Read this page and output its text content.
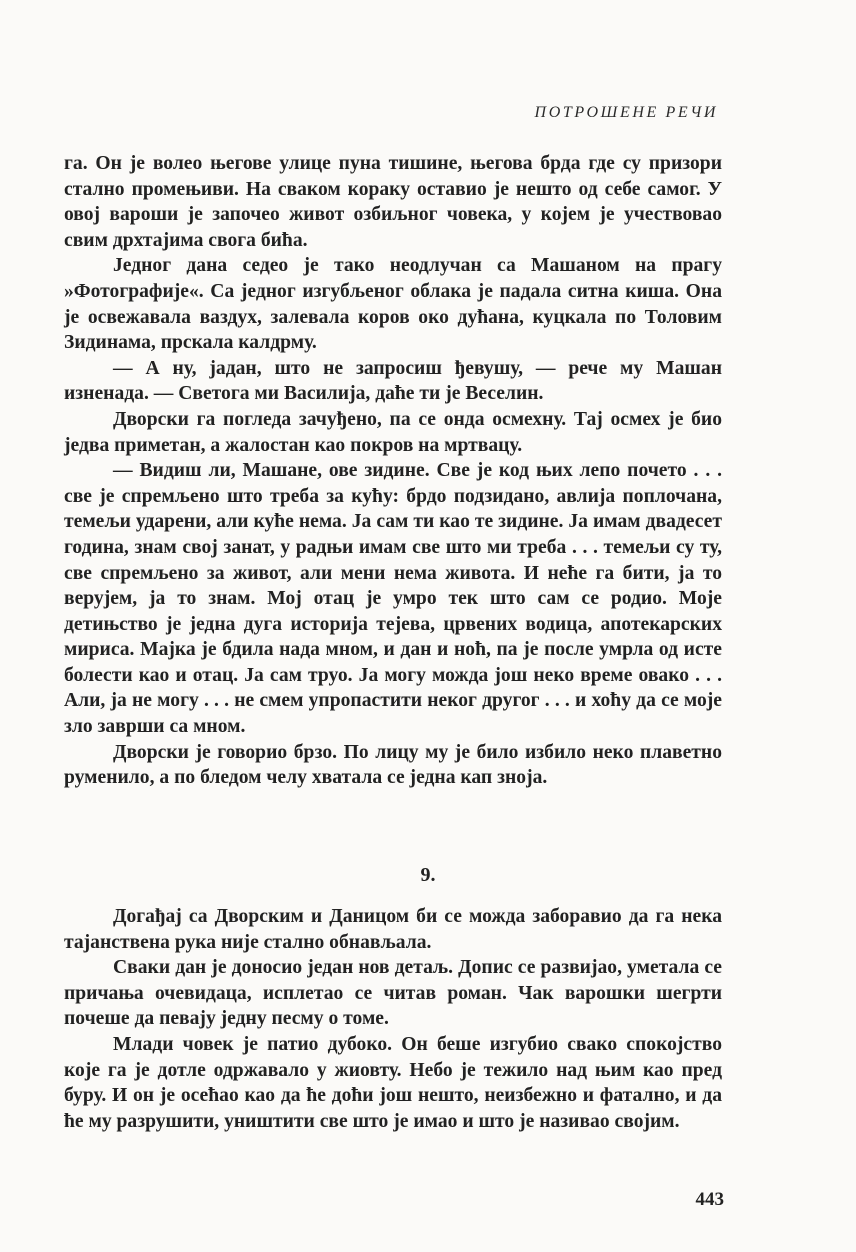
ПОТРОШЕНЕ РЕЧИ

га. Он је волео његове улице пуна тишине, његова брда где су призори стално промењиви. На сваком кораку оставио је нешто од себе самог. У овој вароши је започео живот озбиљног човека, у којем је учествовао свим дрхтајима свога бића.

Једног дана седео је тако неодлучан са Машаном на прагу »Фотографије«. Са једног изгубљеног облака је падала ситна киша. Она је освежавала ваздух, залевала коров око дућана, куцкала по Толовим Зидинама, прскала калдрму.

— А ну, јадан, што не запросиш ђевушу, — рече му Машан изненада. — Светога ми Василија, даће ти је Веселин.

Дворски га погледа зачуђено, па се онда осмехну. Тај осмех је био једва приметан, а жалостан као покров на мртвацу.

— Видиш ли, Машане, ове зидине. Све је код њих лепо почето . . . све је спремљено што треба за кућу: брдо подзидано, авлија поплочана, темељи ударени, али куће нема. Ја сам ти као те зидине. Ја имам двадесет година, знам свој занат, у радњи имам све што ми треба . . . темељи су ту, све спремљено за живот, али мени нема живота. И неће га бити, ја то верујем, ја то знам. Мој отац је умро тек што сам се родио. Моје детињство је једна дуга историја тејева, црвених водица, апотекарских мириса. Мајка је бдила нада мном, и дан и ноћ, па је после умрла од исте болести као и отац. Ја сам труо. Ја могу можда још неко време овако . . . Али, ја не могу . . . не смем упропастити неког другог . . . и хоћу да се моје зло заврши са мном.

Дворски је говорио брзо. По лицу му је било избило неко плаветно руменило, а по бледом челу хватала се једна кап зноја.

9.

Догађај са Дворским и Даницом би се можда заборавио да га нека тајанствена рука није стално обнављала.

Сваки дан је доносио један нов детаљ. Допис се развијао, уметала се причања очевидаца, исплетао се читав роман. Чак варошки шегрти почеше да певају једну песму о томе.

Млади човек је патио дубоко. Он беше изгубио свако спокојство које га је дотле одржавало у жиовту. Небо је тежило над њим као пред буру. И он је осећао као да ће доћи још нешто, неизбежно и фатално, и да ће му разрушити, уништити све што је имао и што је називао својим.

443
